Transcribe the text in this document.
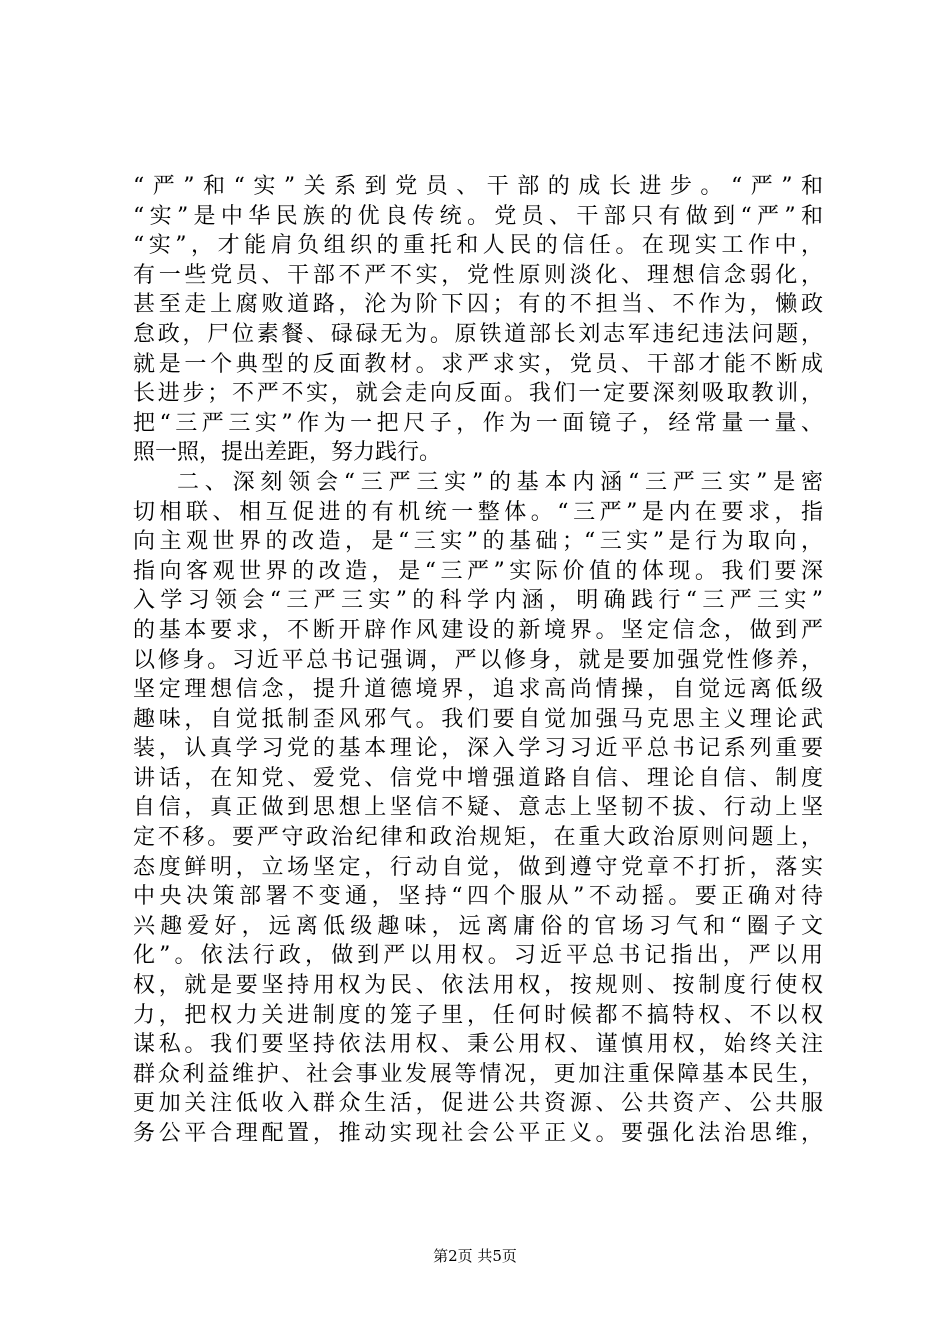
“严”和“实”关系到党员、干部的成长进步。“严”和
“实”是中华民族的优良传统。党员、干部只有做到“严”和
“实”，才能肩负组织的重托和人民的信任。在现实工作中，
有一些党员、干部不严不实，党性原则淡化、理想信念弱化，
甚至走上腐败道路，沦为阶下囚；有的不担当、不作为，懒政
怠政，尸位素餐、碌碌无为。原铁道部长刘志军违纪违法问题，
就是一个典型的反面教材。求严求实，党员、干部才能不断成
长进步；不严不实，就会走向反面。我们一定要深刻吸取教训，
把“三严三实”作为一把尺子，作为一面镜子，经常量一量、
照一照，提出差距，努力践行。
二、深刻领会“三严三实”的基本内涵“三严三实”是密
切相联、相互促进的有机统一整体。“三严”是内在要求，指
向主观世界的改造，是“三实”的基础；“三实”是行为取向，
指向客观世界的改造，是“三严”实际价值的体现。我们要深
入学习领会“三严三实”的科学内涵，明确践行“三严三实”
的基本要求，不断开辟作风建设的新境界。坚定信念，做到严
以修身。习近平总书记强调，严以修身，就是要加强党性修养，
坚定理想信念，提升道德境界，追求高尚情操，自觉远离低级
趣味，自觉抵制歪风邪气。我们要自觉加强马克思主义理论武
装，认真学习党的基本理论，深入学习习近平总书记系列重要
讲话，在知党、爱党、信党中增强道路自信、理论自信、制度
自信，真正做到思想上坚信不疑、意志上坚韧不拔、行动上坚
定不移。要严守政治纪律和政治规矩，在重大政治原则问题上，
态度鲜明，立场坚定，行动自觉，做到遵守党章不打折，落实
中央决策部署不变通，坚持“四个服从”不动摇。要正确对待
兴趣爱好，远离低级趣味，远离庸俗的官场习气和“圈子文
化”。依法行政，做到严以用权。习近平总书记指出，严以用
权，就是要坚持用权为民、依法用权，按规则、按制度行使权
力，把权力关进制度的笼子里，任何时候都不搞特权、不以权
谋私。我们要坚持依法用权、秉公用权、谨慎用权，始终关注
群众利益维护、社会事业发展等情况，更加注重保障基本民生，
更加关注低收入群众生活，促进公共资源、公共资产、公共服
务公平合理配置，推动实现社会公平正义。要强化法治思维，
第2页 共5页
